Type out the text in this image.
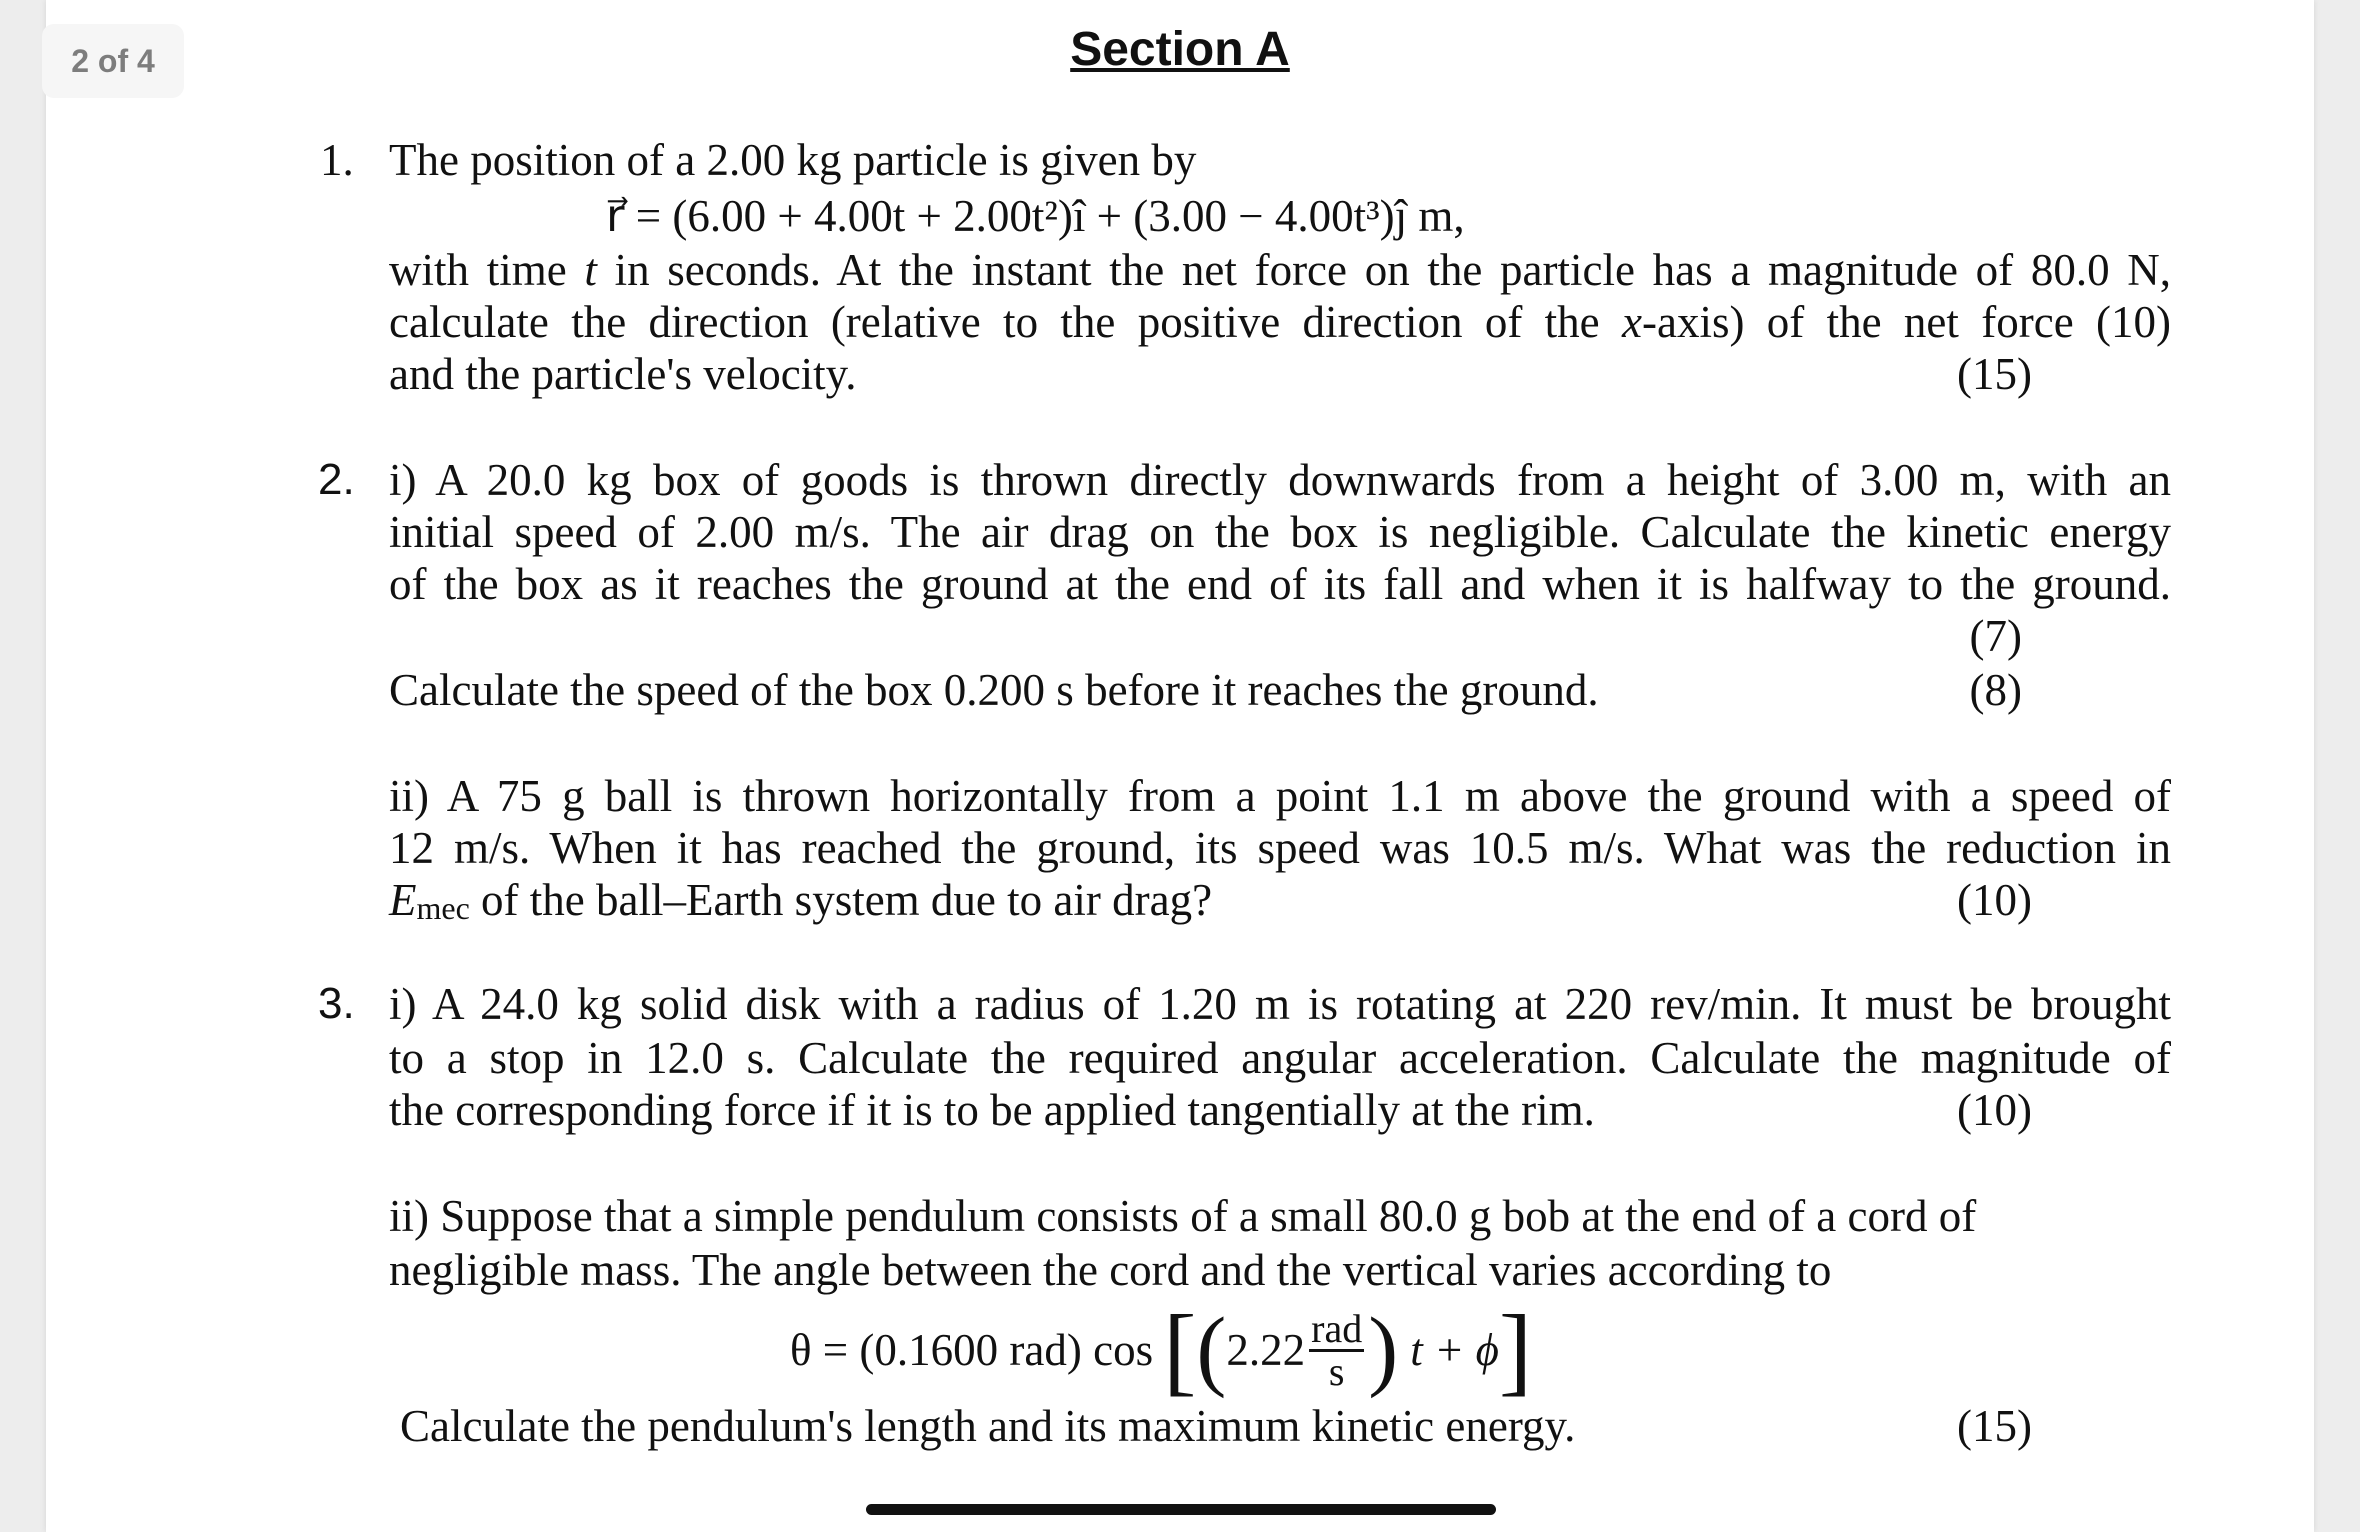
2 of 4	Section A
1. The position of a 2.00 kg particle is given by
r⃗ = (6.00 + 4.00t + 2.00t²)î + (3.00 − 4.00t³)ĵ m,
with time t in seconds. At the instant the net force on the particle has a magnitude of 80.0 N,
calculate the direction (relative to the positive direction of the x-axis) of the net force (10)
and the particle's velocity.	(15)
2. i) A 20.0 kg box of goods is thrown directly downwards from a height of 3.00 m, with an
initial speed of 2.00 m/s. The air drag on the box is negligible. Calculate the kinetic energy
of the box as it reaches the ground at the end of its fall and when it is halfway to the ground.
(7)
Calculate the speed of the box 0.200 s before it reaches the ground.	(8)
ii) A 75 g ball is thrown horizontally from a point 1.1 m above the ground with a speed of
12 m/s. When it has reached the ground, its speed was 10.5 m/s. What was the reduction in
Emec of the ball–Earth system due to air drag?	(10)
3. i) A 24.0 kg solid disk with a radius of 1.20 m is rotating at 220 rev/min. It must be brought
to a stop in 12.0 s. Calculate the required angular acceleration. Calculate the magnitude of
the corresponding force if it is to be applied tangentially at the rim.	(10)
ii) Suppose that a simple pendulum consists of a small 80.0 g bob at the end of a cord of
negligible mass. The angle between the cord and the vertical varies according to
θ = (0.1600 rad) cos [ ( $2.22 \frac{\text{rad}}{s}$ ) t + ϕ ]
Calculate the pendulum's length and its maximum kinetic energy.	(15)
